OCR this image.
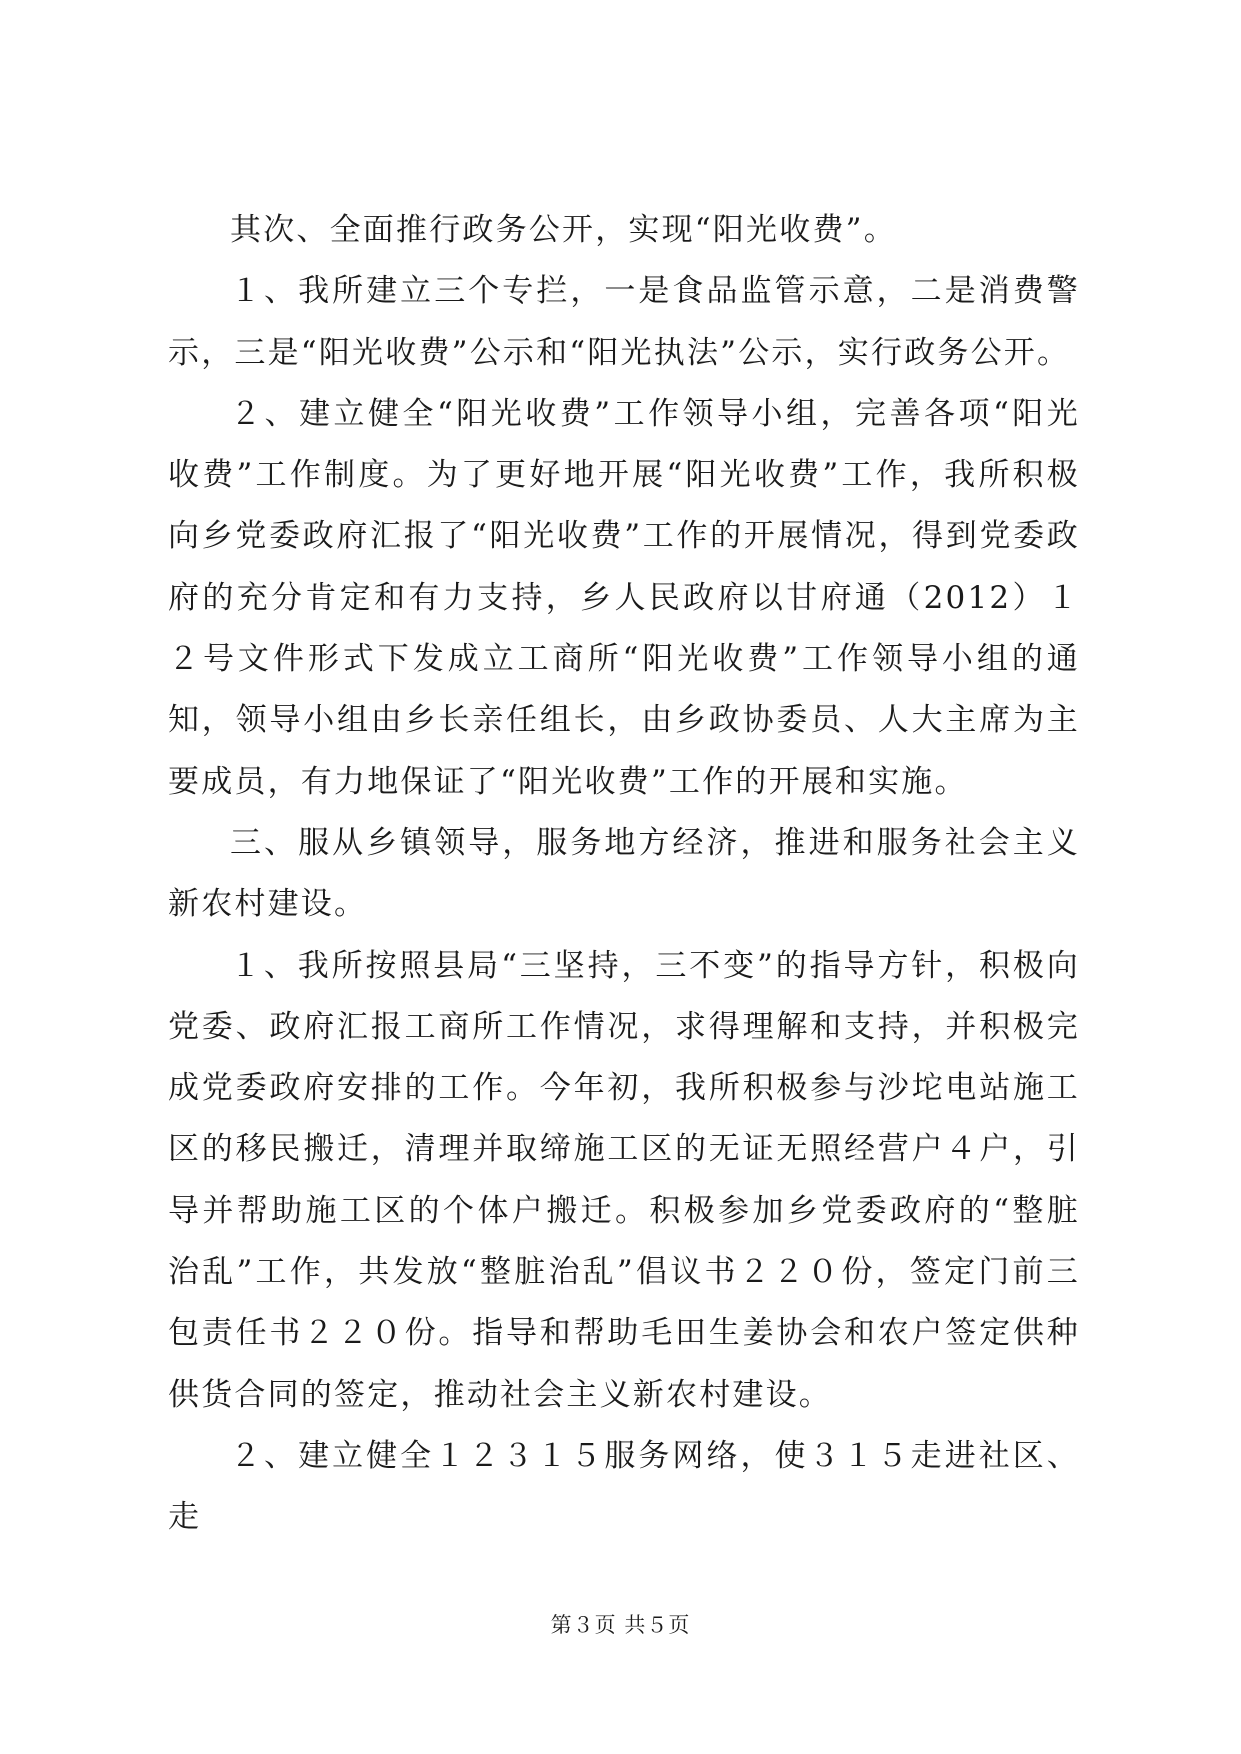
其次、全面推行政务公开，实现“阳光收费”。

１、我所建立三个专拦，一是食品监管示意，二是消费警示，三是“阳光收费”公示和“阳光执法”公示，实行政务公开。

２、建立健全“阳光收费”工作领导小组，完善各项“阳光收费”工作制度。为了更好地开展“阳光收费”工作，我所积极向乡党委政府汇报了“阳光收费”工作的开展情况，得到党委政府的充分肯定和有力支持，乡人民政府以甘府通（2012）１２号文件形式下发成立工商所“阳光收费”工作领导小组的通知，领导小组由乡长亲任组长，由乡政协委员、人大主席为主要成员，有力地保证了“阳光收费”工作的开展和实施。

三、服从乡镇领导，服务地方经济，推进和服务社会主义新农村建设。

１、我所按照县局“三坚持，三不变”的指导方针，积极向党委、政府汇报工商所工作情况，求得理解和支持，并积极完成党委政府安排的工作。今年初，我所积极参与沙坨电站施工区的移民搬迁，清理并取缔施工区的无证无照经营户４户，引导并帮助施工区的个体户搬迁。积极参加乡党委政府的“整脏治乱”工作，共发放“整脏治乱”倡议书２２０份，签定门前三包责任书２２０份。指导和帮助毛田生姜协会和农户签定供种供货合同的签定，推动社会主义新农村建设。

２、建立健全１２３１５服务网络，使３１５走进社区、走

第３页 共５页
